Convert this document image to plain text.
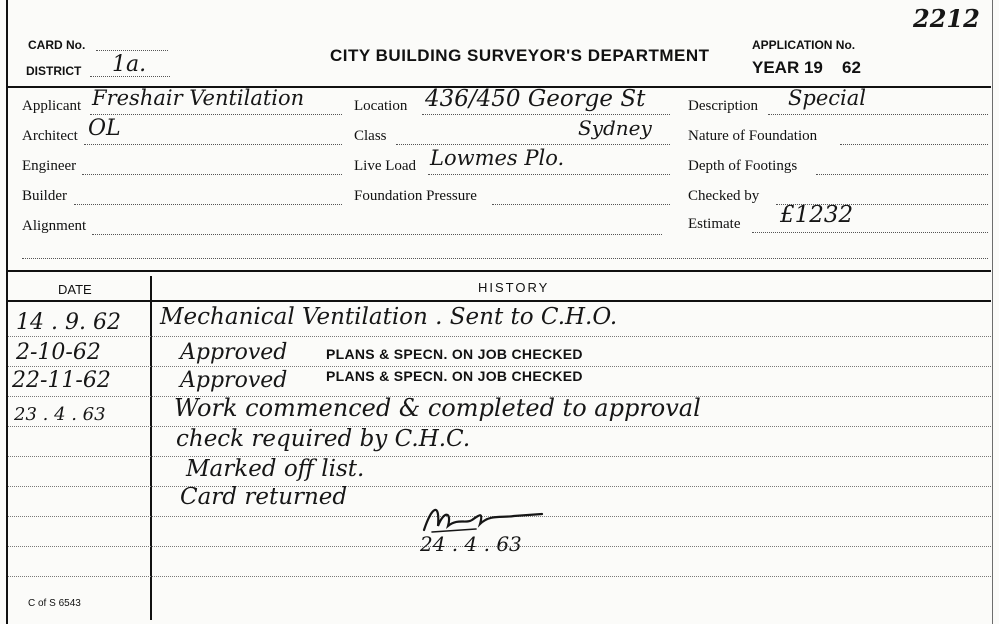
CARD No.
DISTRICT 1a.	CITY BUILDING SURVEYOR'S DEPARTMENT
2212
APPLICATION No.
YEAR 19 62
Applicant Freshair Ventilation
Architect OL
Engineer
Builder
Alignment
Location 436/450 George St
Class	Sydney
Live Load Lowmes Plo.
Foundation Pressure
Description Special
Nature of Foundation
Depth of Footings
Checked by
Estimate £1232
DATE	HISTORY
14 . 9. 62 Mechanical Ventilation . Sent to C.H.O.
2-10-62	Approved	PLANS & SPECN. ON JOB CHECKED
22-11-62	Approved	PLANS & SPECN. ON JOB CHECKED
23 . 4 . 63	Work commenced & completed to approval
check required by C.H.C.
Marked off list.
Card returned
24 . 4 . 63
C of S 6543
